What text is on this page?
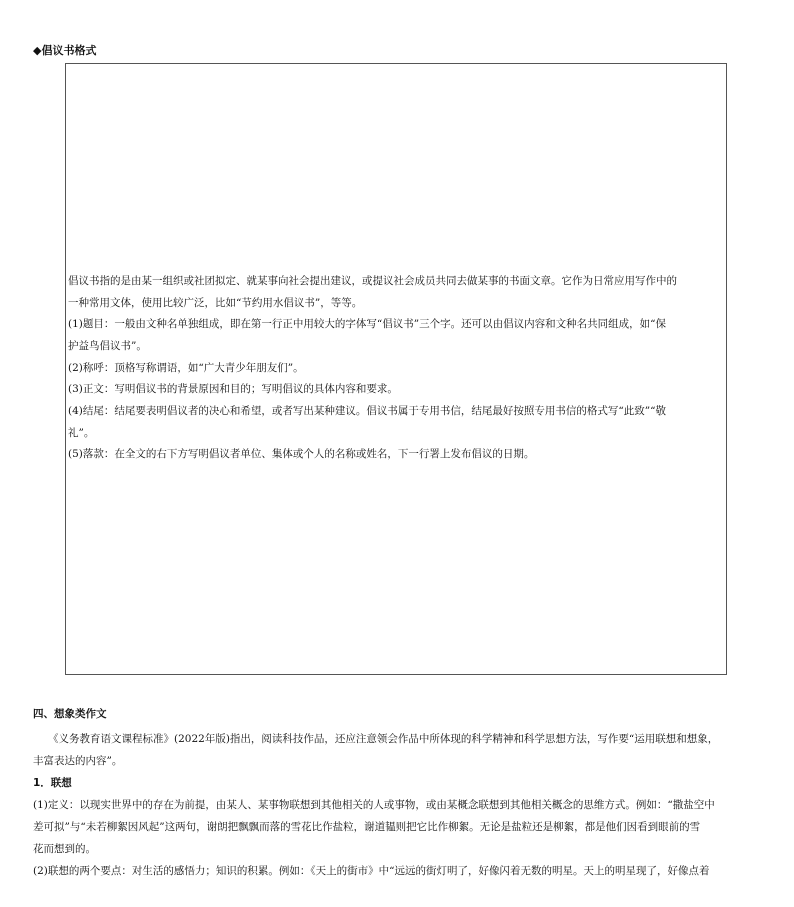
◆倡议书格式
倡议书指的是由某一组织或社团拟定、就某事向社会提出建议，或提议社会成员共同去做某事的书面文章。它作为日常应用写作中的
一种常用文体，使用比较广泛，比如“节约用水倡议书”，等等。
(1)题目：一般由文种名单独组成，即在第一行正中用较大的字体写“倡议书”三个字。还可以由倡议内容和文种名共同组成，如“保
护益鸟倡议书”。
(2)称呼：顶格写称谓语，如“广大青少年朋友们”。
(3)正文：写明倡议书的背景原因和目的；写明倡议的具体内容和要求。
(4)结尾：结尾要表明倡议者的决心和希望，或者写出某种建议。倡议书属于专用书信，结尾最好按照专用书信的格式写“此致”“敬
礼”。
(5)落款：在全文的右下方写明倡议者单位、集体或个人的名称或姓名，下一行署上发布倡议的日期。
四、想象类作文
《义务教育语文课程标准》(2022年版)指出，阅读科技作品，还应注意领会作品中所体现的科学精神和科学思想方法，写作要“运用联想和想象，
丰富表达的内容”。
1．联想
(1)定义：以现实世界中的存在为前提，由某人、某事物联想到其他相关的人或事物，或由某概念联想到其他相关概念的思维方式。例如：“撒盐空中
差可拟”与“未若柳絮因风起”这两句，谢朗把飘飘而落的雪花比作盐粒，谢道韫则把它比作柳絮。无论是盐粒还是柳絮，都是他们因看到眼前的雪
花而想到的。
(2)联想的两个要点：对生活的感悟力；知识的积累。例如：《天上的街市》中“远远的街灯明了，好像闪着无数的明星。天上的明星现了，好像点着
